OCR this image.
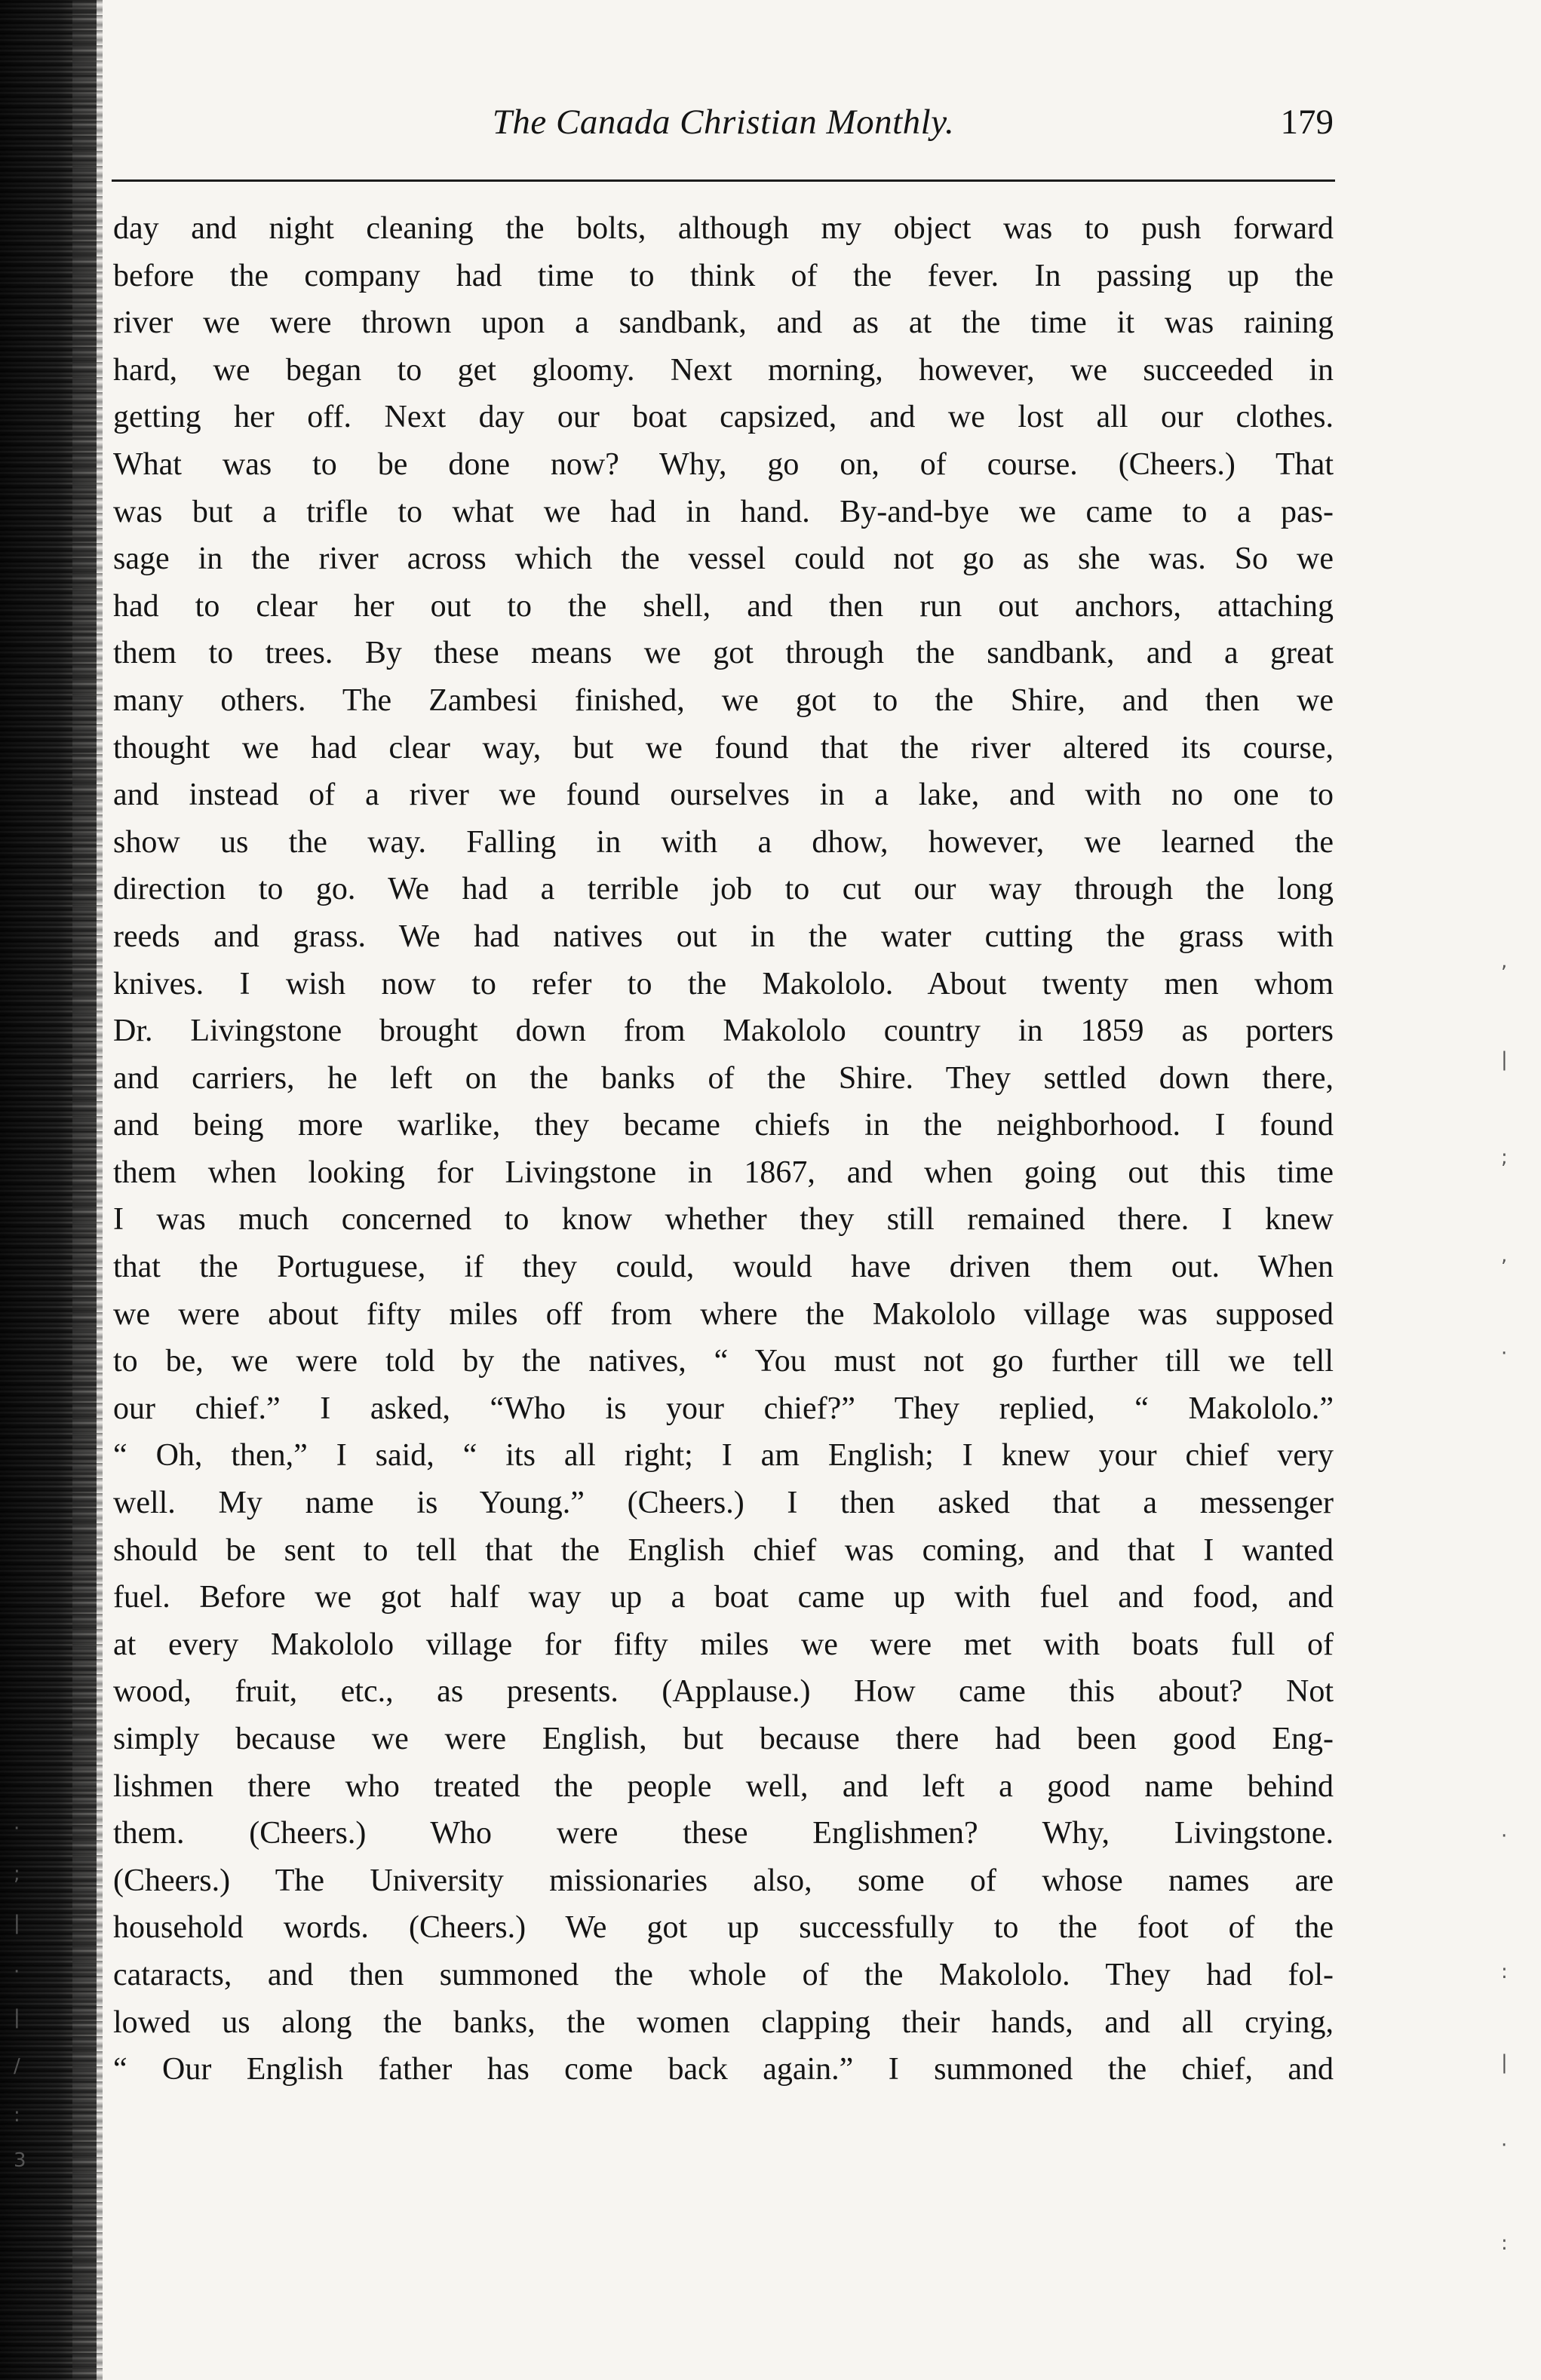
·
;
|
·
|
/
:
3
,
|
;
,
·
·
:
|
·
:
The Canada Christian Monthly.	179
day and night cleaning the bolts, although my object was to push forward
before the company had time to think of the fever. In passing up the
river we were thrown upon a sandbank, and as at the time it was raining
hard, we began to get gloomy. Next morning, however, we succeeded in
getting her off. Next day our boat capsized, and we lost all our clothes.
What was to be done now? Why, go on, of course. (Cheers.) That
was but a trifle to what we had in hand. By-and-bye we came to a pas-
sage in the river across which the vessel could not go as she was. So we
had to clear her out to the shell, and then run out anchors, attaching
them to trees. By these means we got through the sandbank, and a great
many others. The Zambesi finished, we got to the Shire, and then we
thought we had clear way, but we found that the river altered its course,
and instead of a river we found ourselves in a lake, and with no one to
show us the way. Falling in with a dhow, however, we learned the
direction to go. We had a terrible job to cut our way through the long
reeds and grass. We had natives out in the water cutting the grass with
knives. I wish now to refer to the Makololo. About twenty men whom
Dr. Livingstone brought down from Makololo country in 1859 as porters
and carriers, he left on the banks of the Shire. They settled down there,
and being more warlike, they became chiefs in the neighborhood. I found
them when looking for Livingstone in 1867, and when going out this time
I was much concerned to know whether they still remained there. I knew
that the Portuguese, if they could, would have driven them out. When
we were about fifty miles off from where the Makololo village was supposed
to be, we were told by the natives, “ You must not go further till we tell
our chief.” I asked, “Who is your chief?” They replied, “ Makololo.”
“ Oh, then,” I said, “ its all right; I am English; I knew your chief very
well. My name is Young.” (Cheers.) I then asked that a messenger
should be sent to tell that the English chief was coming, and that I wanted
fuel. Before we got half way up a boat came up with fuel and food, and
at every Makololo village for fifty miles we were met with boats full of
wood, fruit, etc., as presents. (Applause.) How came this about? Not
simply because we were English, but because there had been good Eng-
lishmen there who treated the people well, and left a good name behind
them. (Cheers.) Who were these Englishmen? Why, Livingstone.
(Cheers.) The University missionaries also, some of whose names are
household words. (Cheers.) We got up successfully to the foot of the
cataracts, and then summoned the whole of the Makololo. They had fol-
lowed us along the banks, the women clapping their hands, and all crying,
“ Our English father has come back again.” I summoned the chief, and
